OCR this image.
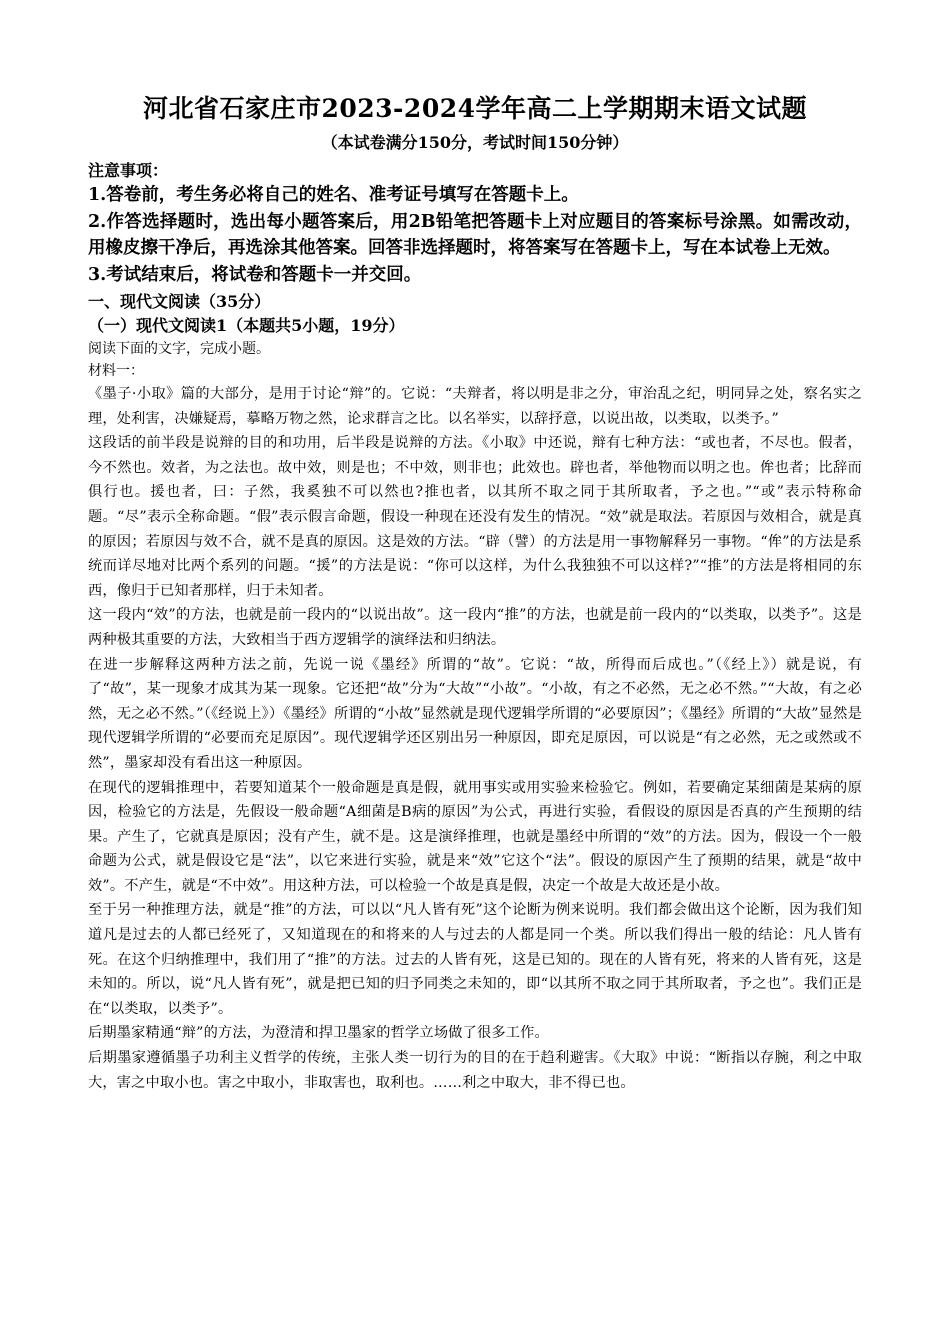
河北省石家庄市2023-2024学年高二上学期期末语文试题

（本试卷满分150分，考试时间150分钟）

注意事项：

1.答卷前，考生务必将自己的姓名、准考证号填写在答题卡上。

2.作答选择题时，选出每小题答案后，用2B铅笔把答题卡上对应题目的答案标号涂黑。如需改动，用橡皮擦干净后，再选涂其他答案。回答非选择题时，将答案写在答题卡上，写在本试卷上无效。

3.考试结束后，将试卷和答题卡一并交回。

一、现代文阅读（35分）

（一）现代文阅读1（本题共5小题，19分）

阅读下面的文字，完成小题。

材料一：

《墨子·小取》篇的大部分，是用于讨论“辩”的。它说：“夫辩者，将以明是非之分，审治乱之纪，明同异之处，察名实之理，处利害，决嫌疑焉，摹略万物之然，论求群言之比。以名举实，以辞抒意，以说出故，以类取，以类予。”

这段话的前半段是说辩的目的和功用，后半段是说辩的方法。《小取》中还说，辩有七种方法：“或也者，不尽也。假者，今不然也。效者，为之法也。故中效，则是也；不中效，则非也；此效也。辟也者，举他物而以明之也。侔也者；比辞而俱行也。援也者，曰：子然，我奚独不可以然也?推也者，以其所不取之同于其所取者，予之也。”“或”表示特称命题。“尽”表示全称命题。“假”表示假言命题，假设一种现在还没有发生的情况。“效”就是取法。若原因与效相合，就是真的原因；若原因与效不合，就不是真的原因。这是效的方法。“辟（譬）的方法是用一事物解释另一事物。“侔”的方法是系统而详尽地对比两个系列的问题。“援”的方法是说：“你可以这样，为什么我独独不可以这样?”“推”的方法是将相同的东西，像归于已知者那样，归于未知者。

这一段内“效”的方法，也就是前一段内的“以说出故”。这一段内“推”的方法，也就是前一段内的“以类取，以类予”。这是两种极其重要的方法，大致相当于西方逻辑学的演绎法和归纳法。

在进一步解释这两种方法之前，先说一说《墨经》所谓的“故”。它说：“故，所得而后成也。”（《经上》）就是说，有了“故”，某一现象才成其为某一现象。它还把“故”分为“大故”“小故”。“小故，有之不必然，无之必不然。”“大故，有之必然，无之必不然。”（《经说上》）《墨经》所谓的“小故”显然就是现代逻辑学所谓的“必要原因”；《墨经》所谓的“大故”显然是现代逻辑学所谓的“必要而充足原因”。现代逻辑学还区别出另一种原因，即充足原因，可以说是“有之必然，无之或然或不然”，墨家却没有看出这一种原因。

在现代的逻辑推理中，若要知道某个一般命题是真是假，就用事实或用实验来检验它。例如，若要确定某细菌是某病的原因，检验它的方法是，先假设一般命题“A细菌是B病的原因”为公式，再进行实验，看假设的原因是否真的产生预期的结果。产生了，它就真是原因；没有产生，就不是。这是演绎推理，也就是墨经中所谓的“效”的方法。因为，假设一个一般命题为公式，就是假设它是“法”，以它来进行实验，就是来“效”它这个“法”。假设的原因产生了预期的结果，就是“故中效”。不产生，就是“不中效”。用这种方法，可以检验一个故是真是假，决定一个故是大故还是小故。

至于另一种推理方法，就是“推”的方法，可以以“凡人皆有死”这个论断为例来说明。我们都会做出这个论断，因为我们知道凡是过去的人都已经死了，又知道现在的和将来的人与过去的人都是同一个类。所以我们得出一般的结论：凡人皆有死。在这个归纳推理中，我们用了“推”的方法。过去的人皆有死，这是已知的。现在的人皆有死，将来的人皆有死，这是未知的。所以，说“凡人皆有死”，就是把已知的归予同类之未知的，即“以其所不取之同于其所取者，予之也”。我们正是在“以类取，以类予”。

后期墨家精通“辩”的方法，为澄清和捍卫墨家的哲学立场做了很多工作。

后期墨家遵循墨子功利主义哲学的传统，主张人类一切行为的目的在于趋利避害。《大取》中说：“断指以存腕，利之中取大，害之中取小也。害之中取小，非取害也，取利也。……利之中取大，非不得已也。
